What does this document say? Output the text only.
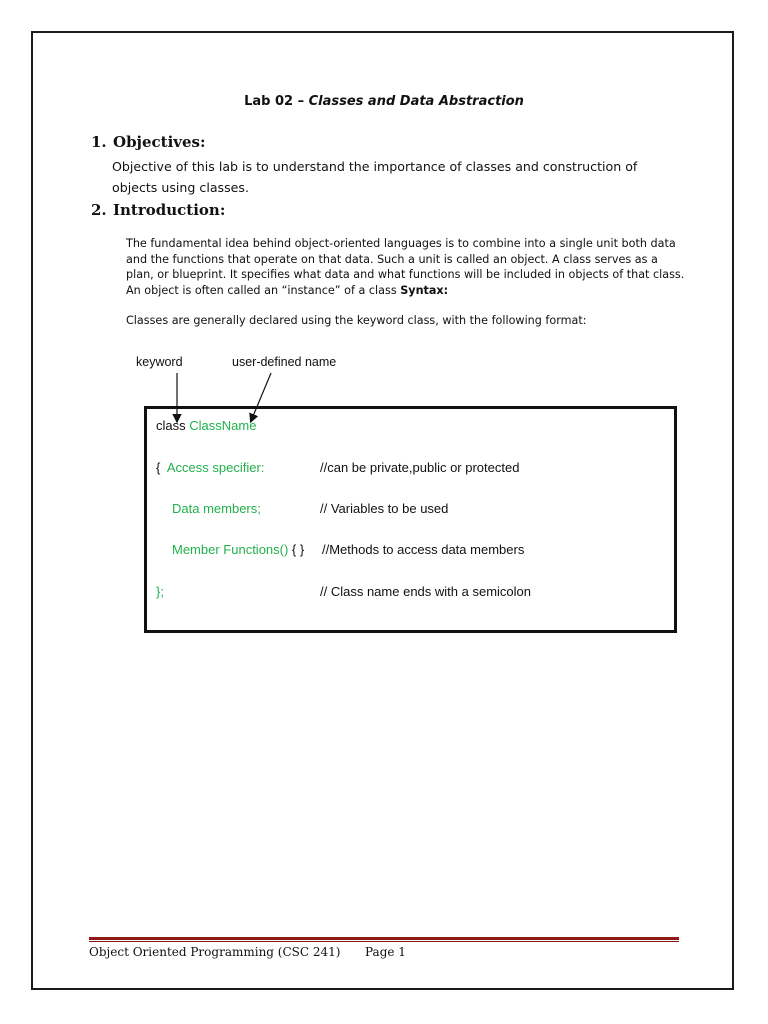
Lab 02 – Classes and Data Abstraction
1. Objectives:
Objective of this lab is to understand the importance of classes and construction of objects using classes.
2. Introduction:
The fundamental idea behind object-oriented languages is to combine into a single unit both data and the functions that operate on that data. Such a unit is called an object. A class serves as a plan, or blueprint. It specifies what data and what functions will be included in objects of that class. An object is often called an “instance” of a class Syntax:
Classes are generally declared using the keyword class, with the following format:
keyword	user-defined name
class ClassName
{  Access specifier:	//can be private,public or protected
Data members;	// Variables to be used
Member Functions() { } //Methods to access data members
};	// Class name ends with a semicolon
Object Oriented Programming (CSC 241) Page 1
